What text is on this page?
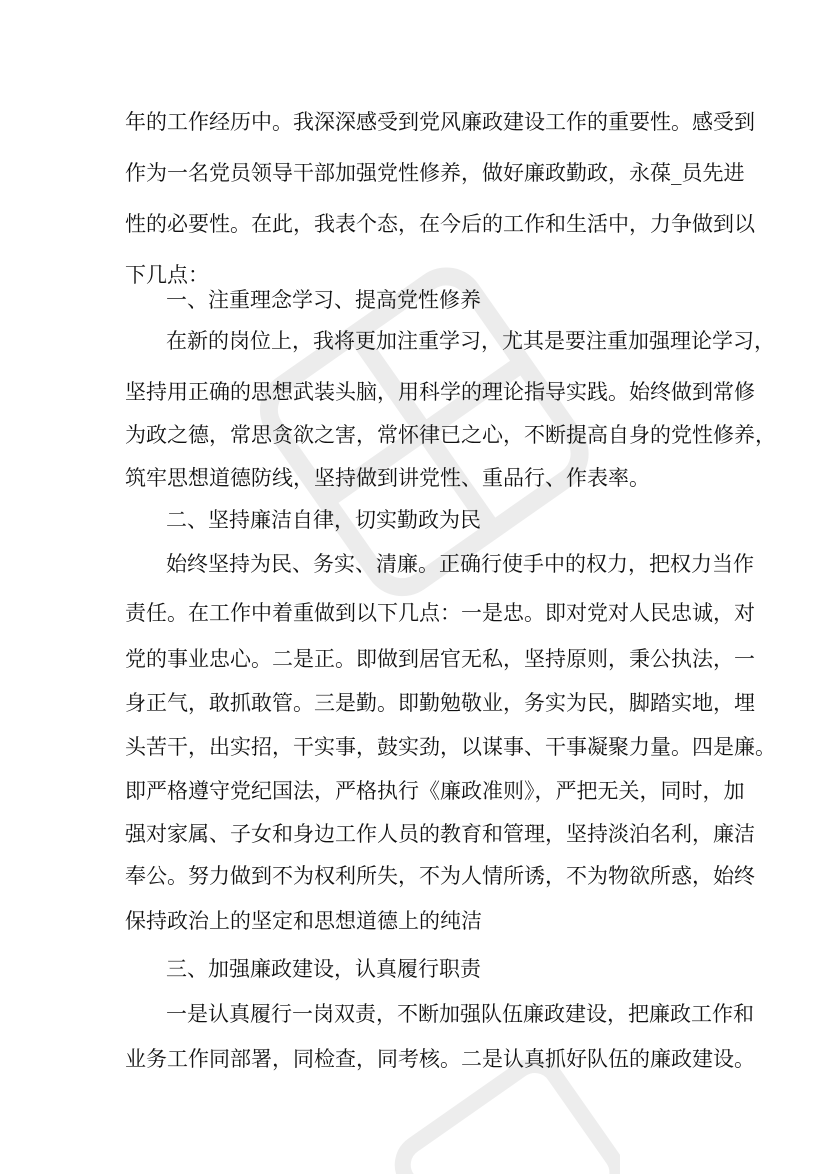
年的工作经历中。我深深感受到党风廉政建设工作的重要性。感受到
作为一名党员领导干部加强党性修养，做好廉政勤政，永葆_员先进
性的必要性。在此，我表个态，在今后的工作和生活中，力争做到以
下几点：
一、注重理念学习、提高党性修养
在新的岗位上，我将更加注重学习，尤其是要注重加强理论学习，
坚持用正确的思想武装头脑，用科学的理论指导实践。始终做到常修
为政之德，常思贪欲之害，常怀律已之心，不断提高自身的党性修养，
筑牢思想道德防线，坚持做到讲党性、重品行、作表率。
二、坚持廉洁自律，切实勤政为民
始终坚持为民、务实、清廉。正确行使手中的权力，把权力当作
责任。在工作中着重做到以下几点：一是忠。即对党对人民忠诚，对
党的事业忠心。二是正。即做到居官无私，坚持原则，秉公执法，一
身正气，敢抓敢管。三是勤。即勤勉敬业，务实为民，脚踏实地，埋
头苦干，出实招，干实事，鼓实劲，以谋事、干事凝聚力量。四是廉。
即严格遵守党纪国法，严格执行《廉政准则》，严把无关，同时，加
强对家属、子女和身边工作人员的教育和管理，坚持淡泊名利，廉洁
奉公。努力做到不为权利所失，不为人情所诱，不为物欲所惑，始终
保持政治上的坚定和思想道德上的纯洁
三、加强廉政建设，认真履行职责
一是认真履行一岗双责，不断加强队伍廉政建设，把廉政工作和
业务工作同部署，同检查，同考核。二是认真抓好队伍的廉政建设。
